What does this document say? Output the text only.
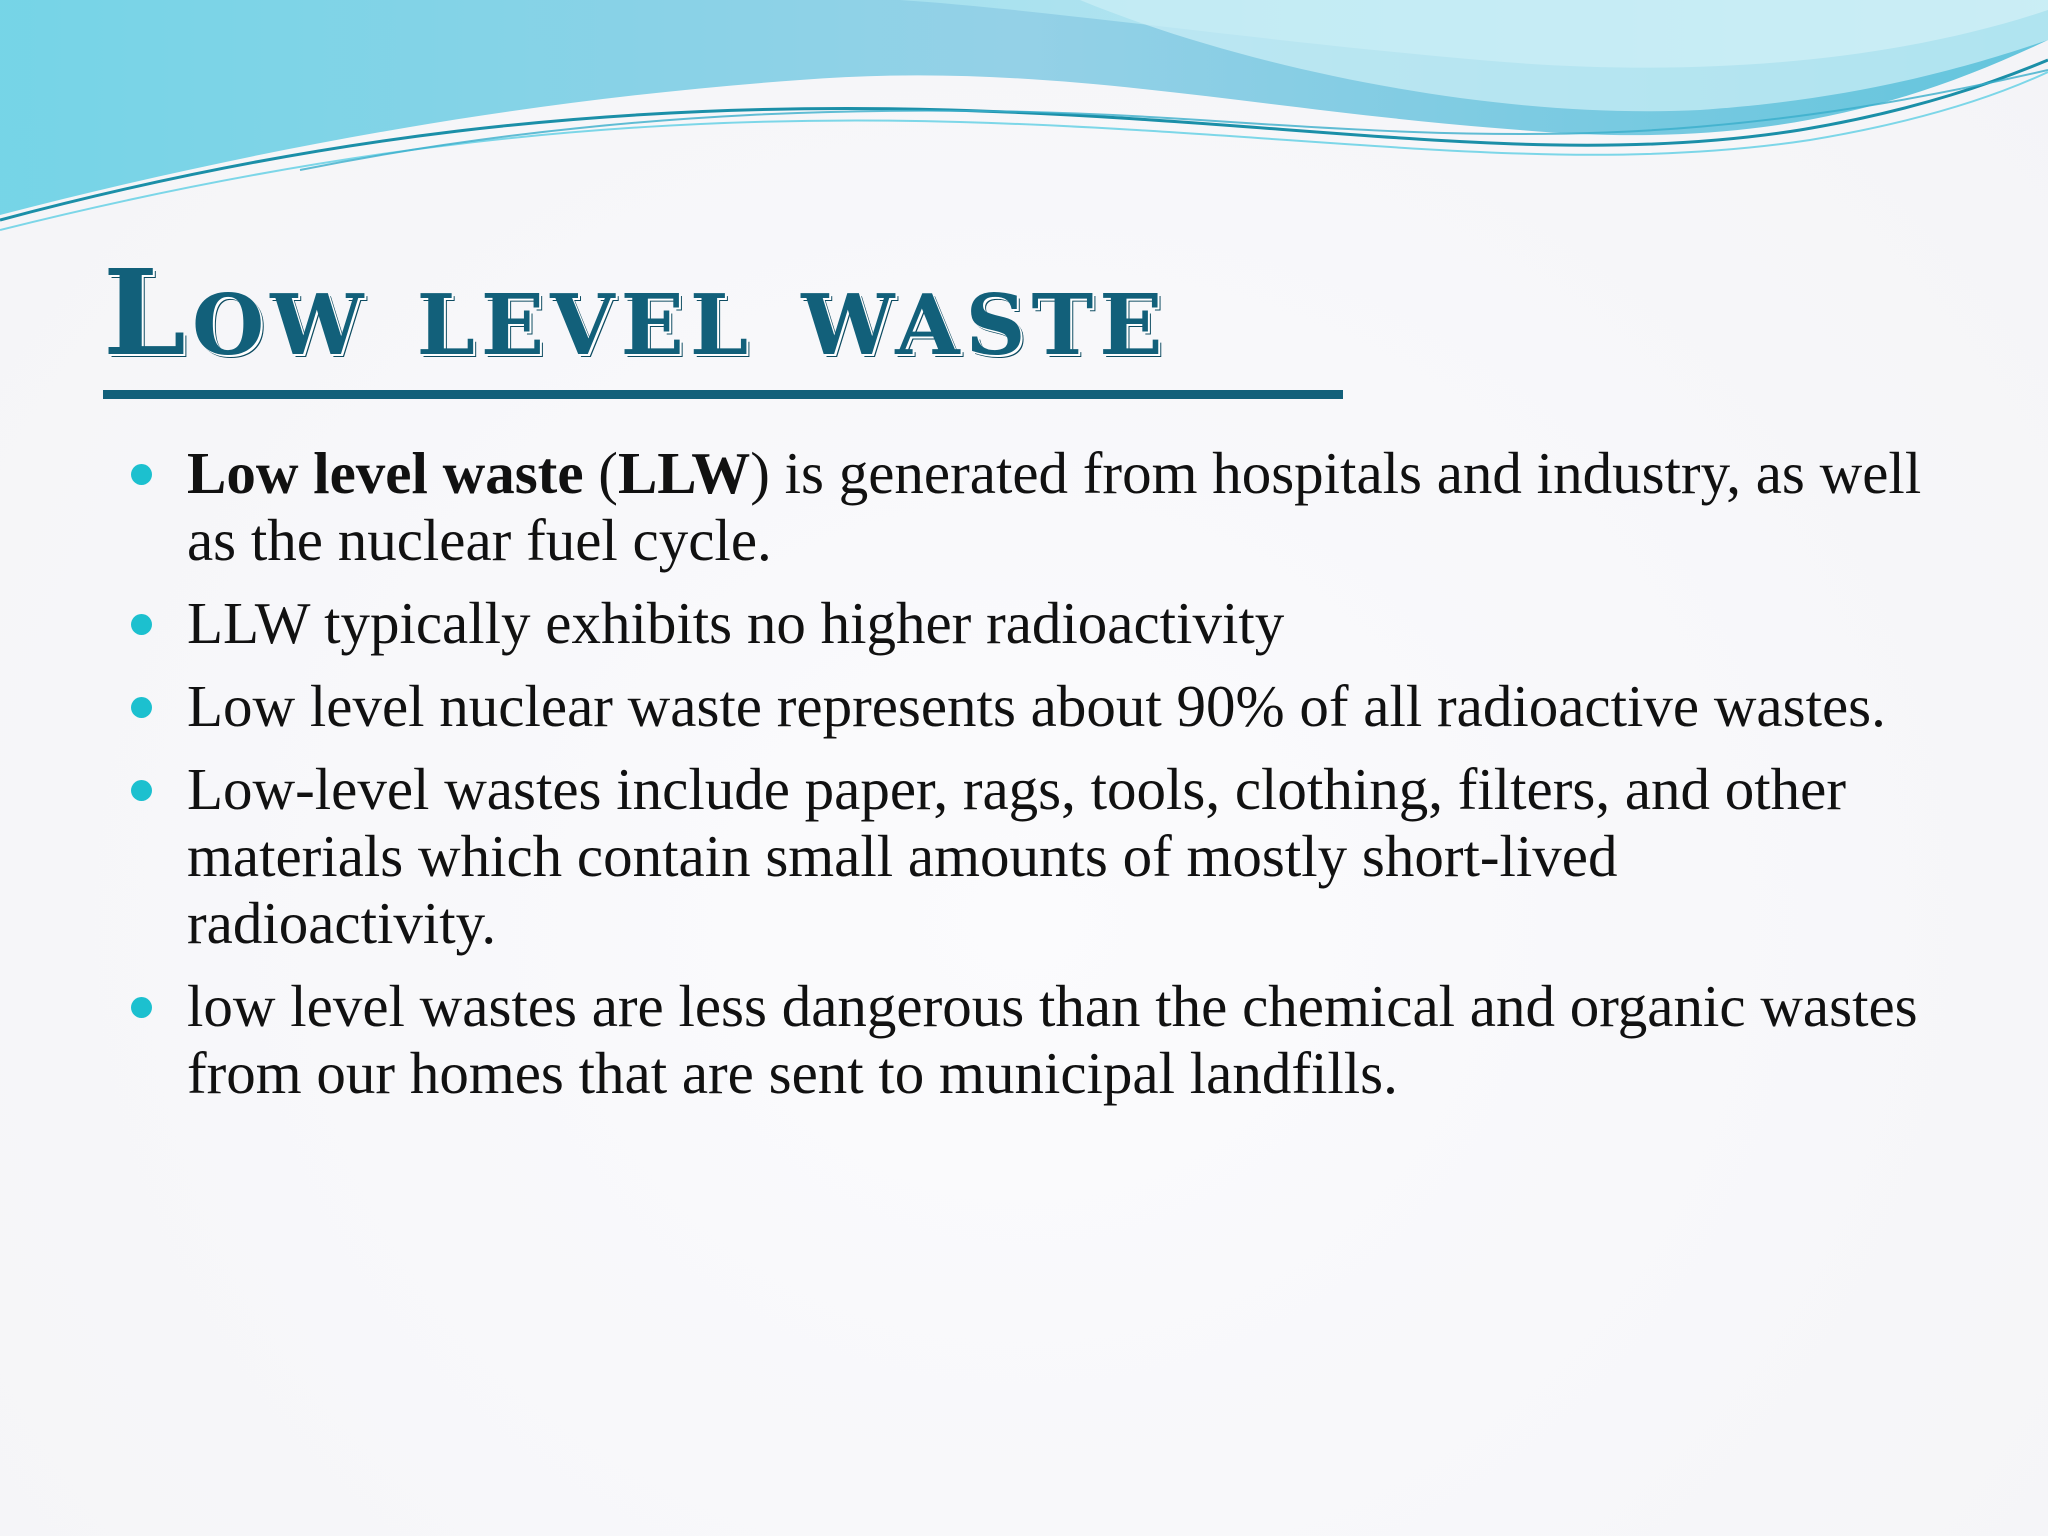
Low level waste
Low level waste (LLW) is generated from hospitals and industry, as well as the nuclear fuel cycle.
LLW typically exhibits no higher radioactivity
Low level nuclear waste represents about 90% of all radioactive wastes.
Low-level wastes include paper, rags, tools, clothing, filters, and other materials which contain small amounts of mostly short-lived radioactivity.
low level wastes are less dangerous than the chemical and organic wastes from our homes that are sent to municipal landfills.
